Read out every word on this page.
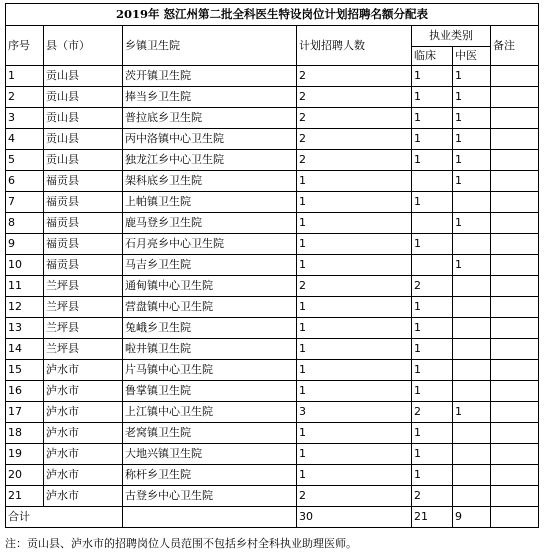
2019年 怒江州第二批全科医生特设岗位计划招聘名额分配表						
序号	县（市）	乡镇卫生院	计划招聘人数	执业类别		备注
				临床	中医	
1	贡山县	茨开镇卫生院	2	1	1	
2	贡山县	捧当乡卫生院	2	1	1	
3	贡山县	普拉底乡卫生院	2	1	1	
4	贡山县	丙中洛镇中心卫生院	2	1	1	
5	贡山县	独龙江乡中心卫生院	2	1	1	
6	福贡县	架科底乡卫生院	1		1	
7	福贡县	上帕镇卫生院	1	1		
8	福贡县	鹿马登乡卫生院	1		1	
9	福贡县	石月亮乡中心卫生院	1	1		
10	福贡县	马吉乡卫生院	1		1	
11	兰坪县	通甸镇中心卫生院	2	2		
12	兰坪县	营盘镇中心卫生院	1	1		
13	兰坪县	兔峨乡卫生院	1	1		
14	兰坪县	啦井镇卫生院	1	1		
15	泸水市	片马镇中心卫生院	1	1		
16	泸水市	鲁掌镇卫生院	1	1		
17	泸水市	上江镇中心卫生院	3	2	1	
18	泸水市	老窝镇卫生院	1	1		
19	泸水市	大地兴镇卫生院	1	1		
20	泸水市	称杆乡卫生院	1	1		
21	泸水市	古登乡中心卫生院	2	2		
合计			30	21	9	
注：贡山县、泸水市的招聘岗位人员范围不包括乡村全科执业助理医师。
